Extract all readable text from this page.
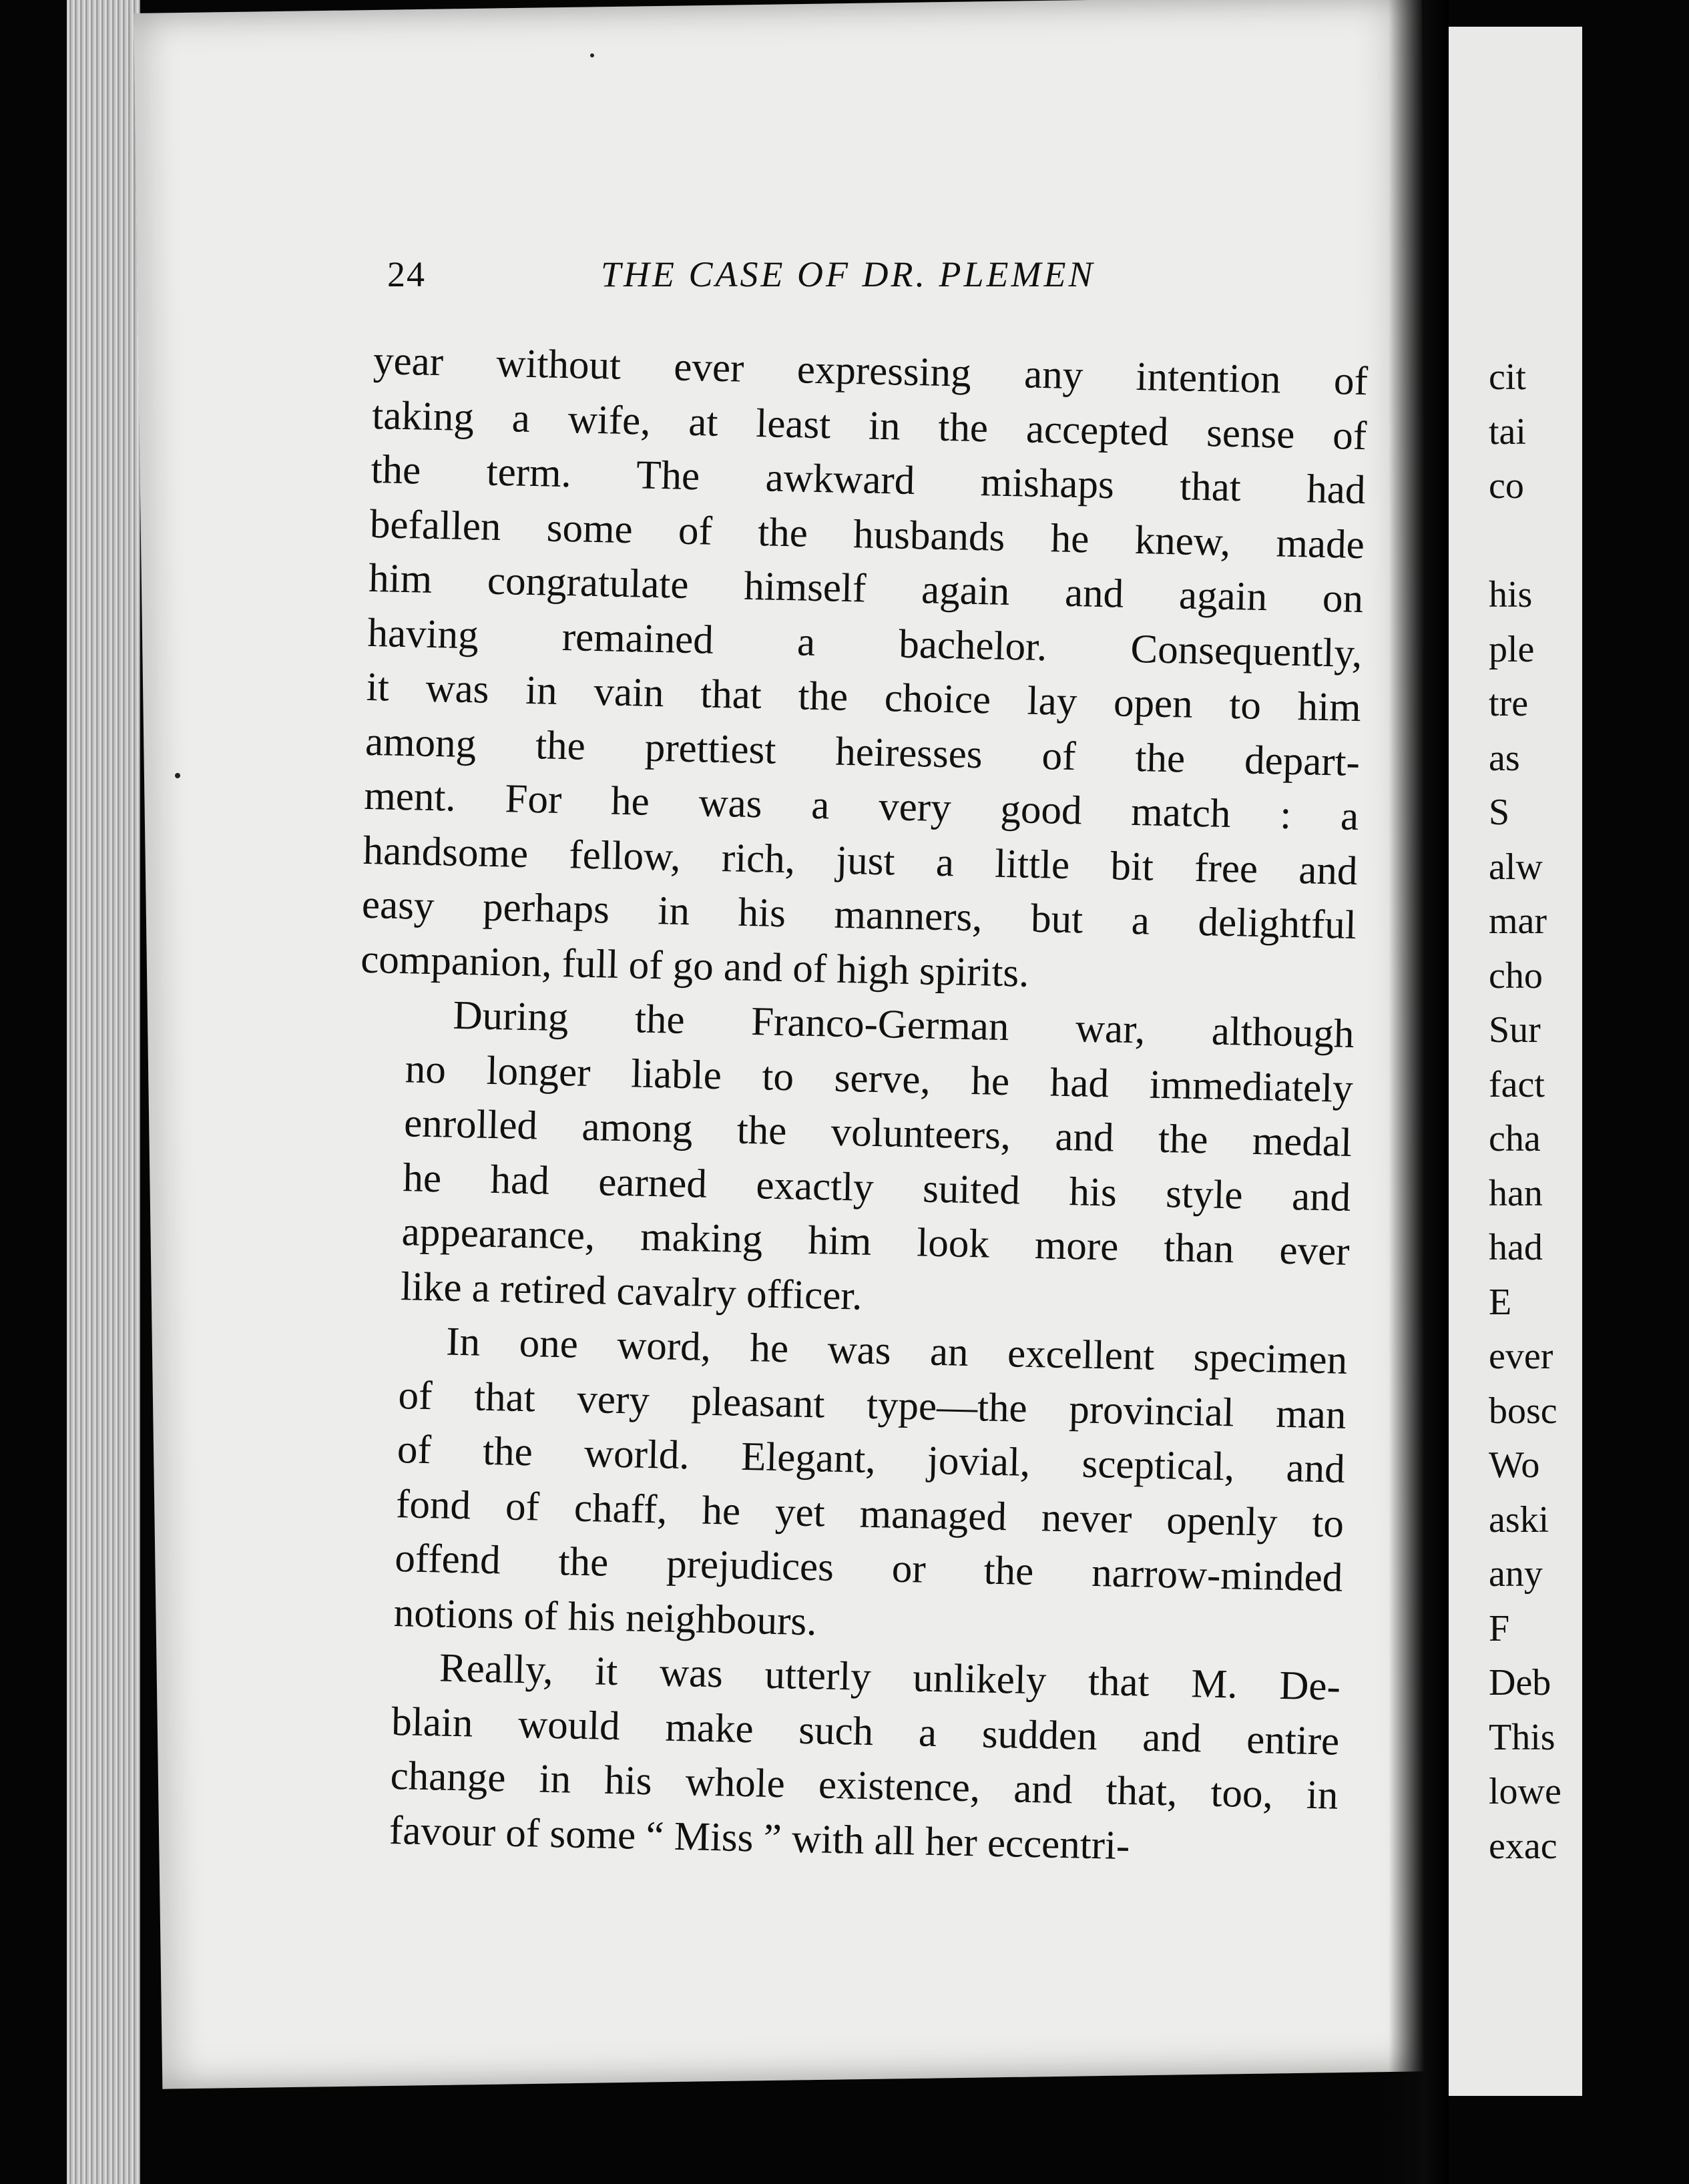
24	THE CASE OF DR. PLEMEN
year without ever expressing any intention of
taking a wife, at least in the accepted sense of
the term. The awkward mishaps that had
befallen some of the husbands he knew, made
him congratulate himself again and again on
having remained a bachelor. Consequently,
it was in vain that the choice lay open to him
among the prettiest heiresses of the depart-
ment. For he was a very good match : a
handsome fellow, rich, just a little bit free and
easy perhaps in his manners, but a delightful
companion, full of go and of high spirits.
During the Franco-German war, although
no longer liable to serve, he had immediately
enrolled among the volunteers, and the medal
he had earned exactly suited his style and
appearance, making him look more than ever
like a retired cavalry officer.
In one word, he was an excellent specimen
of that very pleasant type—the provincial man
of the world. Elegant, jovial, sceptical, and
fond of chaff, he yet managed never openly to
offend the prejudices or the narrow-minded
notions of his neighbours.
Really, it was utterly unlikely that M. De-
blain would make such a sudden and entire
change in his whole existence, and that, too, in
favour of some “ Miss ” with all her eccentri-
cit
tai
co

his
ple
tre
as
S
alw
mar
cho
Sur
fact
cha
han
had
E
ever
bosc
Wo
aski
any
F
Deb
This
lowe
exac
